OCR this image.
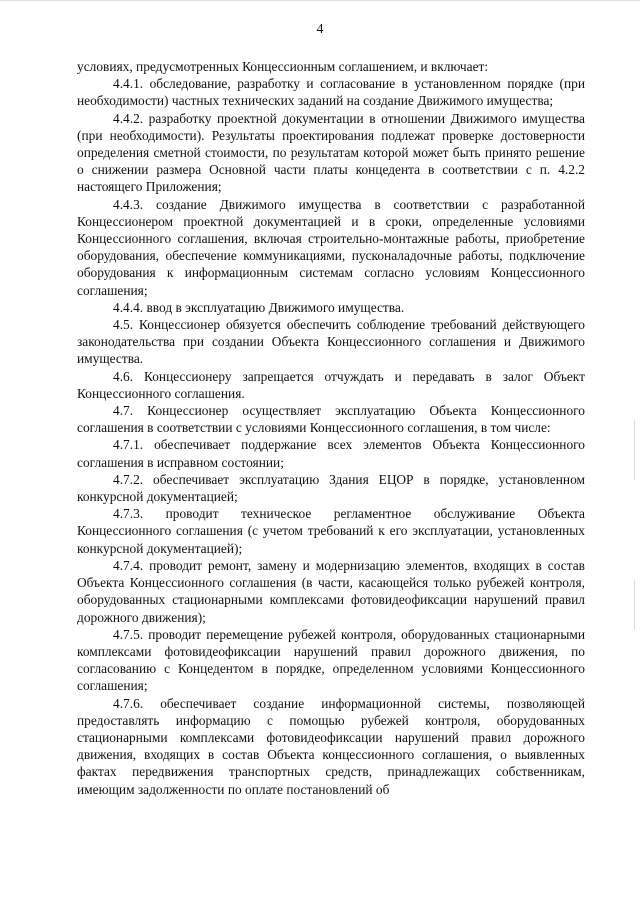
4

условиях, предусмотренных Концессионным соглашением, и включает:

4.4.1. обследование, разработку и согласование в установленном порядке (при необходимости) частных технических заданий на создание Движимого имущества;

4.4.2. разработку проектной документации в отношении Движимого имущества (при необходимости). Результаты проектирования подлежат проверке достоверности определения сметной стоимости, по результатам которой может быть принято решение о снижении размера Основной части платы концедента в соответствии с п. 4.2.2 настоящего Приложения;

4.4.3. создание Движимого имущества в соответствии с разработанной Концессионером проектной документацией и в сроки, определенные условиями Концессионного соглашения, включая строительно-монтажные работы, приобретение оборудования, обеспечение коммуникациями, пусконаладочные работы, подключение оборудования к информационным системам согласно условиям Концессионного соглашения;

4.4.4. ввод в эксплуатацию Движимого имущества.

4.5. Концессионер обязуется обеспечить соблюдение требований действующего законодательства при создании Объекта Концессионного соглашения и Движимого имущества.

4.6. Концессионеру запрещается отчуждать и передавать в залог Объект Концессионного соглашения.

4.7. Концессионер осуществляет эксплуатацию Объекта Концессионного соглашения в соответствии с условиями Концессионного соглашения, в том числе:

4.7.1. обеспечивает поддержание всех элементов Объекта Концессионного соглашения в исправном состоянии;

4.7.2. обеспечивает эксплуатацию Здания ЕЦОР в порядке, установленном конкурсной документацией;

4.7.3. проводит техническое регламентное обслуживание Объекта Концессионного соглашения (с учетом требований к его эксплуатации, установленных конкурсной документацией);

4.7.4. проводит ремонт, замену и модернизацию элементов, входящих в состав Объекта Концессионного соглашения (в части, касающейся только рубежей контроля, оборудованных стационарными комплексами фотовидеофиксации нарушений правил дорожного движения);

4.7.5. проводит перемещение рубежей контроля, оборудованных стационарными комплексами фотовидеофиксации нарушений правил дорожного движения, по согласованию с Концедентом в порядке, определенном условиями Концессионного соглашения;

4.7.6. обеспечивает создание информационной системы, позволяющей предоставлять информацию с помощью рубежей контроля, оборудованных стационарными комплексами фотовидеофиксации нарушений правил дорожного движения, входящих в состав Объекта концессионного соглашения, о выявленных фактах передвижения транспортных средств, принадлежащих собственникам, имеющим задолженности по оплате постановлений об
